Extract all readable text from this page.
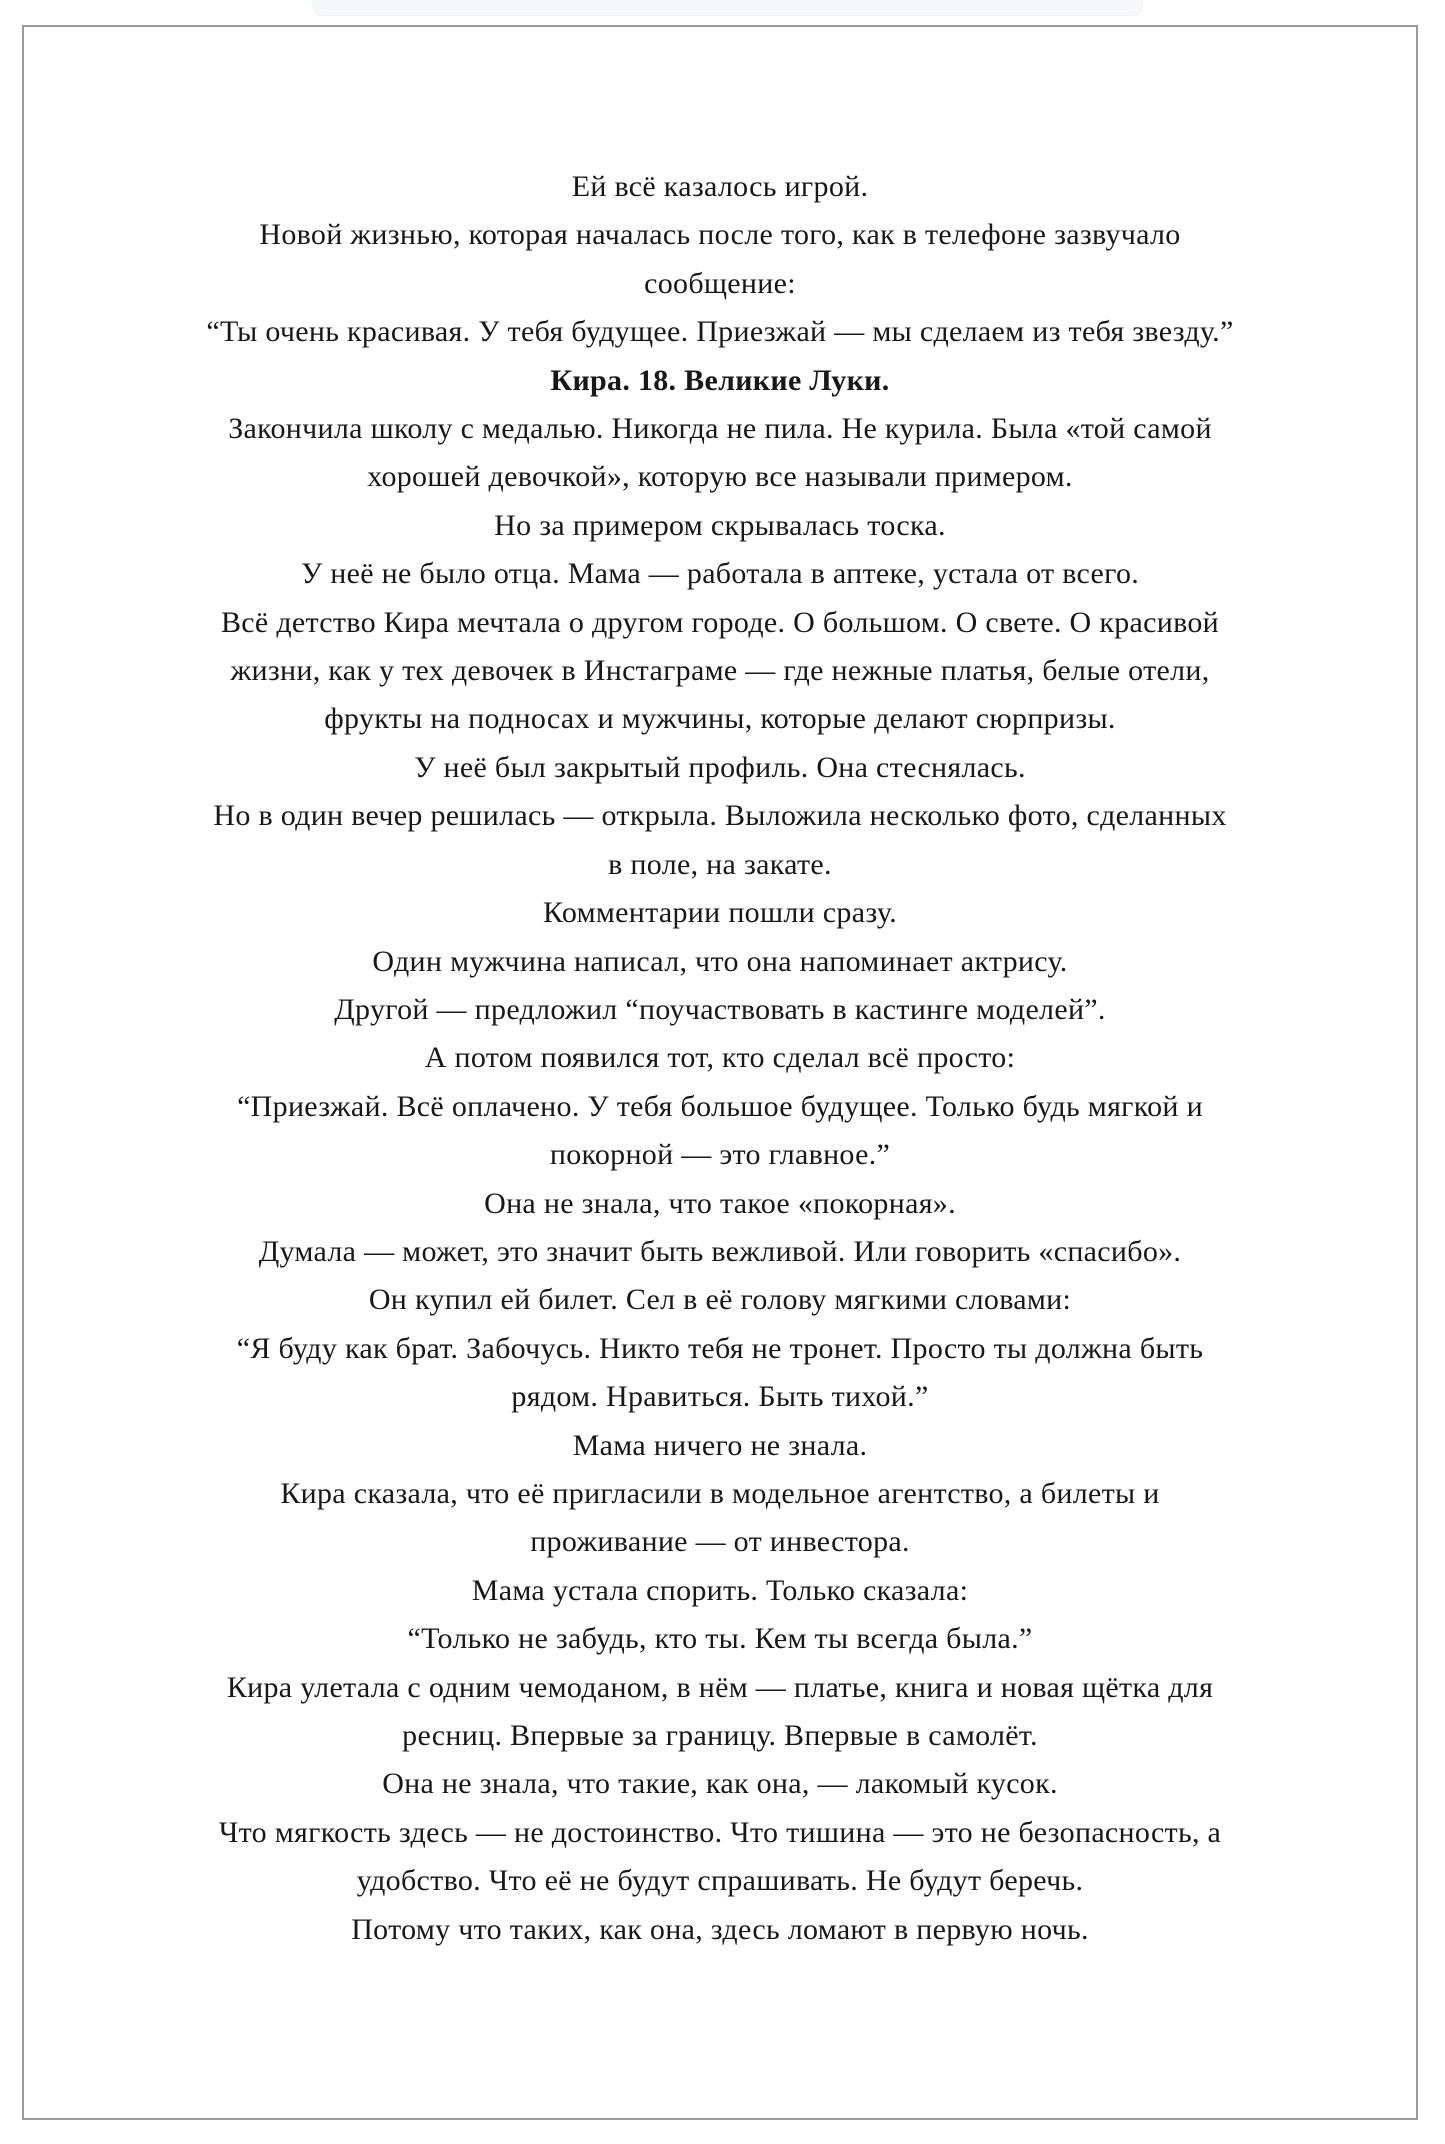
Ей всё казалось игрой.
Новой жизнью, которая началась после того, как в телефоне зазвучало
сообщение:
“Ты очень красивая. У тебя будущее. Приезжай — мы сделаем из тебя звезду.”
Кира. 18. Великие Луки.
Закончила школу с медалью. Никогда не пила. Не курила. Была «той самой
хорошей девочкой», которую все называли примером.
Но за примером скрывалась тоска.
У неё не было отца. Мама — работала в аптеке, устала от всего.
Всё детство Кира мечтала о другом городе. О большом. О свете. О красивой
жизни, как у тех девочек в Инстаграме — где нежные платья, белые отели,
фрукты на подносах и мужчины, которые делают сюрпризы.
У неё был закрытый профиль. Она стеснялась.
Но в один вечер решилась — открыла. Выложила несколько фото, сделанных
в поле, на закате.
Комментарии пошли сразу.
Один мужчина написал, что она напоминает актрису.
Другой — предложил “поучаствовать в кастинге моделей”.
А потом появился тот, кто сделал всё просто:
“Приезжай. Всё оплачено. У тебя большое будущее. Только будь мягкой и
покорной — это главное.”
Она не знала, что такое «покорная».
Думала — может, это значит быть вежливой. Или говорить «спасибо».
Он купил ей билет. Сел в её голову мягкими словами:
“Я буду как брат. Забочусь. Никто тебя не тронет. Просто ты должна быть
рядом. Нравиться. Быть тихой.”
Мама ничего не знала.
Кира сказала, что её пригласили в модельное агентство, а билеты и
проживание — от инвестора.
Мама устала спорить. Только сказала:
“Только не забудь, кто ты. Кем ты всегда была.”
Кира улетала с одним чемоданом, в нём — платье, книга и новая щётка для
ресниц. Впервые за границу. Впервые в самолёт.
Она не знала, что такие, как она, — лакомый кусок.
Что мягкость здесь — не достоинство. Что тишина — это не безопасность, а
удобство. Что её не будут спрашивать. Не будут беречь.
Потому что таких, как она, здесь ломают в первую ночь.
